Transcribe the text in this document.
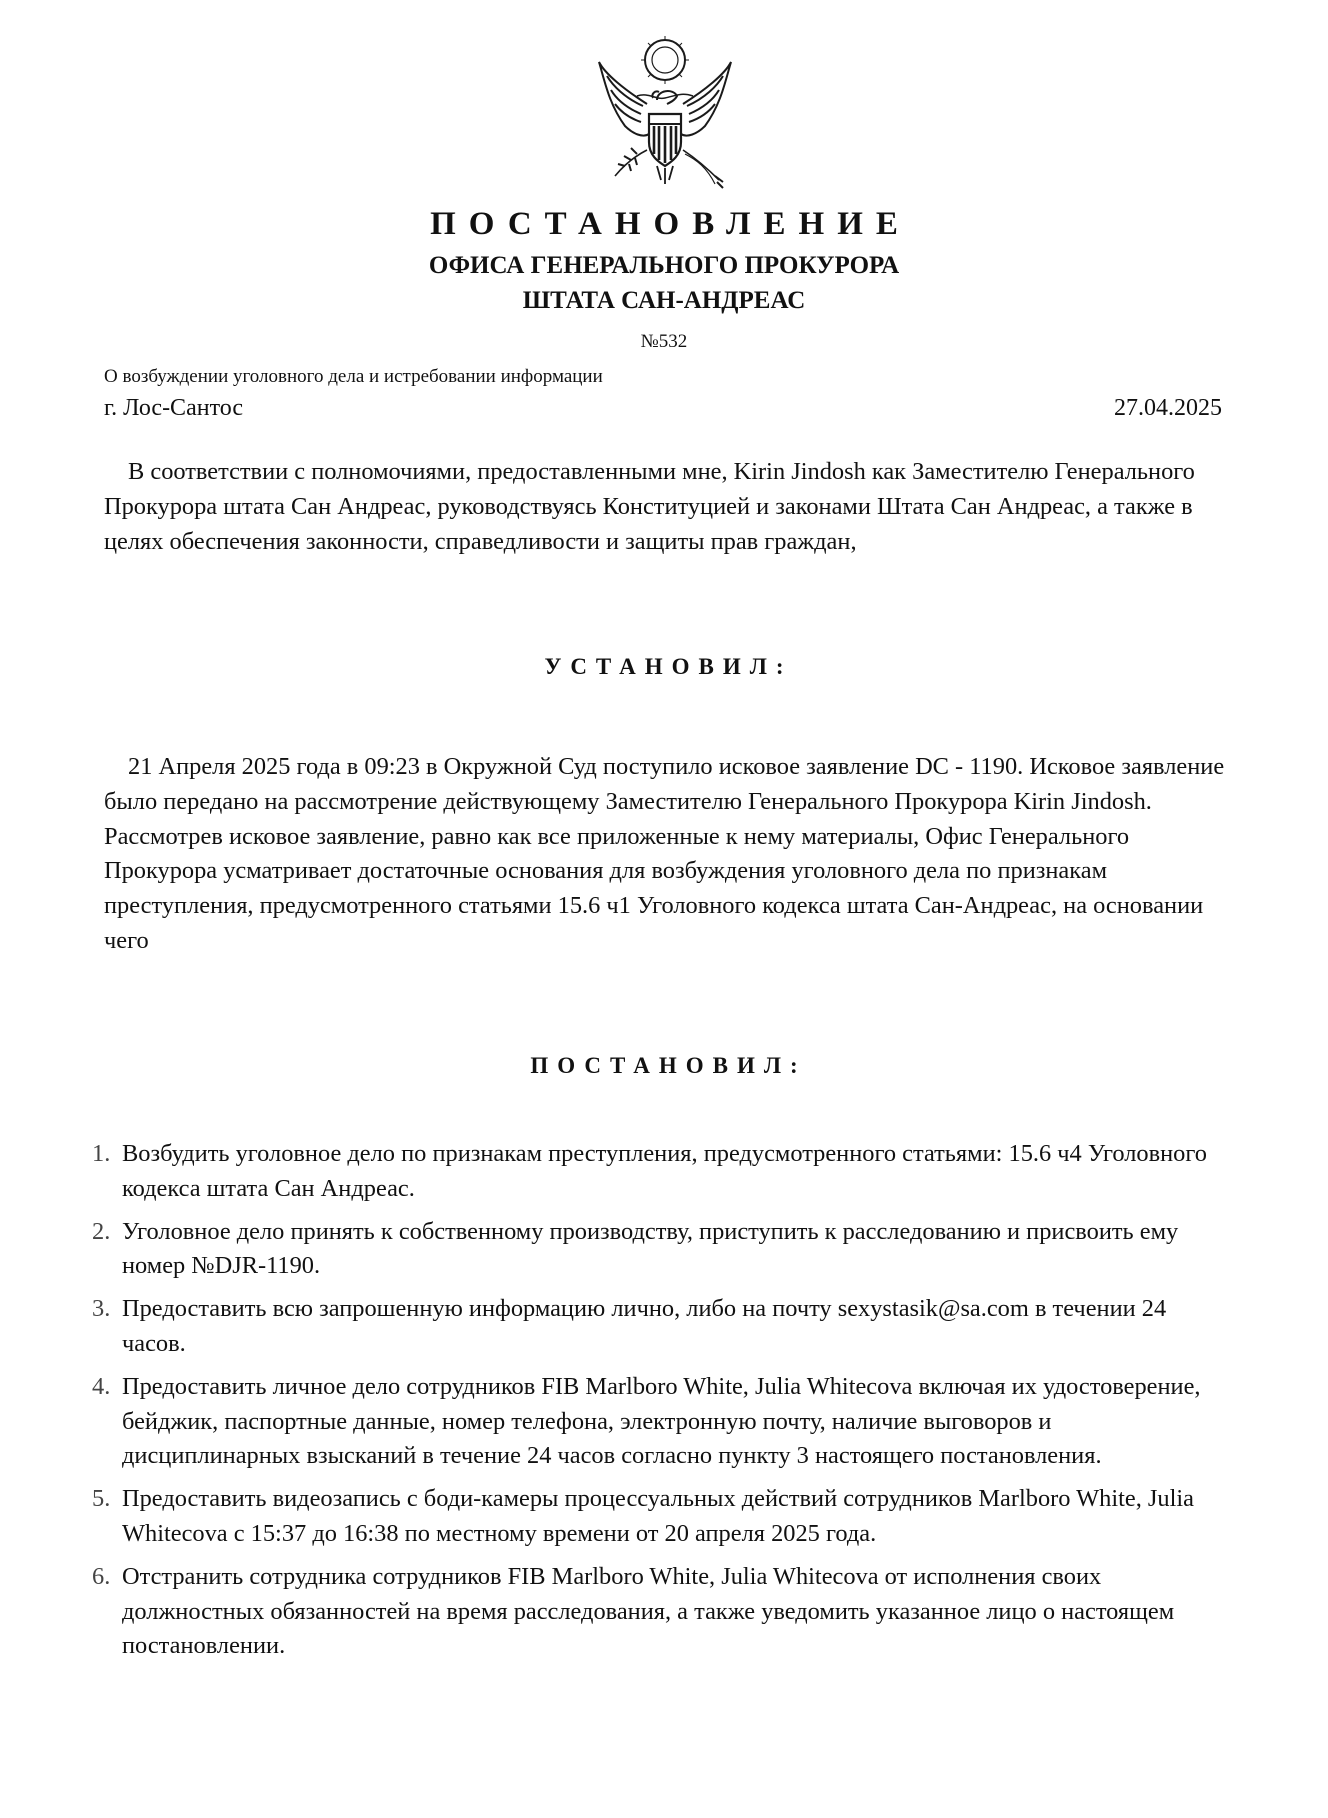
ПОСТАНОВЛЕНИЕ
ОФИСА ГЕНЕРАЛЬНОГО ПРОКУРОРА
ШТАТА САН-АНДРЕАС
№532
О возбуждении уголовного дела и истребовании информации
г. Лос-Сантос	27.04.2025
В соответствии с полномочиями, предоставленными мне, Kirin Jindosh как Заместителю Генерального Прокурора штата Сан Андреас, руководствуясь Конституцией и законами Штата Сан Андреас, а также в целях обеспечения законности, справедливости и защиты прав граждан,
УСТАНОВИЛ:
21 Апреля 2025 года в 09:23 в Окружной Суд поступило исковое заявление DC - 1190. Исковое заявление было передано на рассмотрение действующему Заместителю Генерального Прокурора Kirin Jindosh. Рассмотрев исковое заявление, равно как все приложенные к нему материалы, Офис Генерального Прокурора усматривает достаточные основания для возбуждения уголовного дела по признакам преступления, предусмотренного статьями 15.6 ч1 Уголовного кодекса штата Сан-Андреас, на основании чего
ПОСТАНОВИЛ:
1. Возбудить уголовное дело по признакам преступления, предусмотренного статьями: 15.6 ч4 Уголовного кодекса штата Сан Андреас.
2. Уголовное дело принять к собственному производству, приступить к расследованию и присвоить ему номер №DJR-1190.
3. Предоставить всю запрошенную информацию лично, либо на почту sexystasik@sa.com в течении 24 часов.
4. Предоставить личное дело сотрудников FIB Marlboro White, Julia Whitecova включая их удостоверение, бейджик, паспортные данные, номер телефона, электронную почту, наличие выговоров и дисциплинарных взысканий в течение 24 часов согласно пункту 3 настоящего постановления.
5. Предоставить видеозапись с боди-камеры процессуальных действий сотрудников Marlboro White, Julia Whitecova с 15:37 до 16:38 по местному времени от 20 апреля 2025 года.
6. Отстранить сотрудника сотрудников FIB Marlboro White, Julia Whitecova от исполнения своих должностных обязанностей на время расследования, а также уведомить указанное лицо о настоящем постановлении.
